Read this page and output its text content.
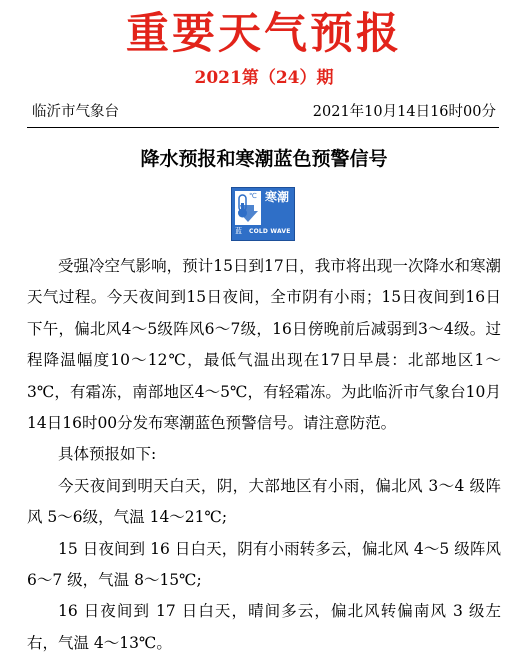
重要天气预报
2021第（24）期
临沂市气象台	2021年10月14日16时00分
降水预报和寒潮蓝色预警信号
℃ 寒潮
蓝 COLD WAVE

受强冷空气影响，预计15日到17日，我市将出现一次降水和寒潮天气过程。今天夜间到15日夜间，全市阴有小雨；15日夜间到16日下午，偏北风4～5级阵风6～7级，16日傍晚前后减弱到3～4级。过程降温幅度10～12℃，最低气温出现在17日早晨：北部地区1～3℃，有霜冻，南部地区4～5℃，有轻霜冻。为此临沂市气象台10月14日16时00分发布寒潮蓝色预警信号。请注意防范。

具体预报如下:

今天夜间到明天白天，阴，大部地区有小雨，偏北风 3～4 级阵风 5～6级，气温 14～21℃;

15 日夜间到 16 日白天，阴有小雨转多云，偏北风 4～5 级阵风 6～7 级，气温 8～15℃;

16 日夜间到 17 日白天，晴间多云，偏北风转偏南风 3 级左右，气温 4～13℃。
